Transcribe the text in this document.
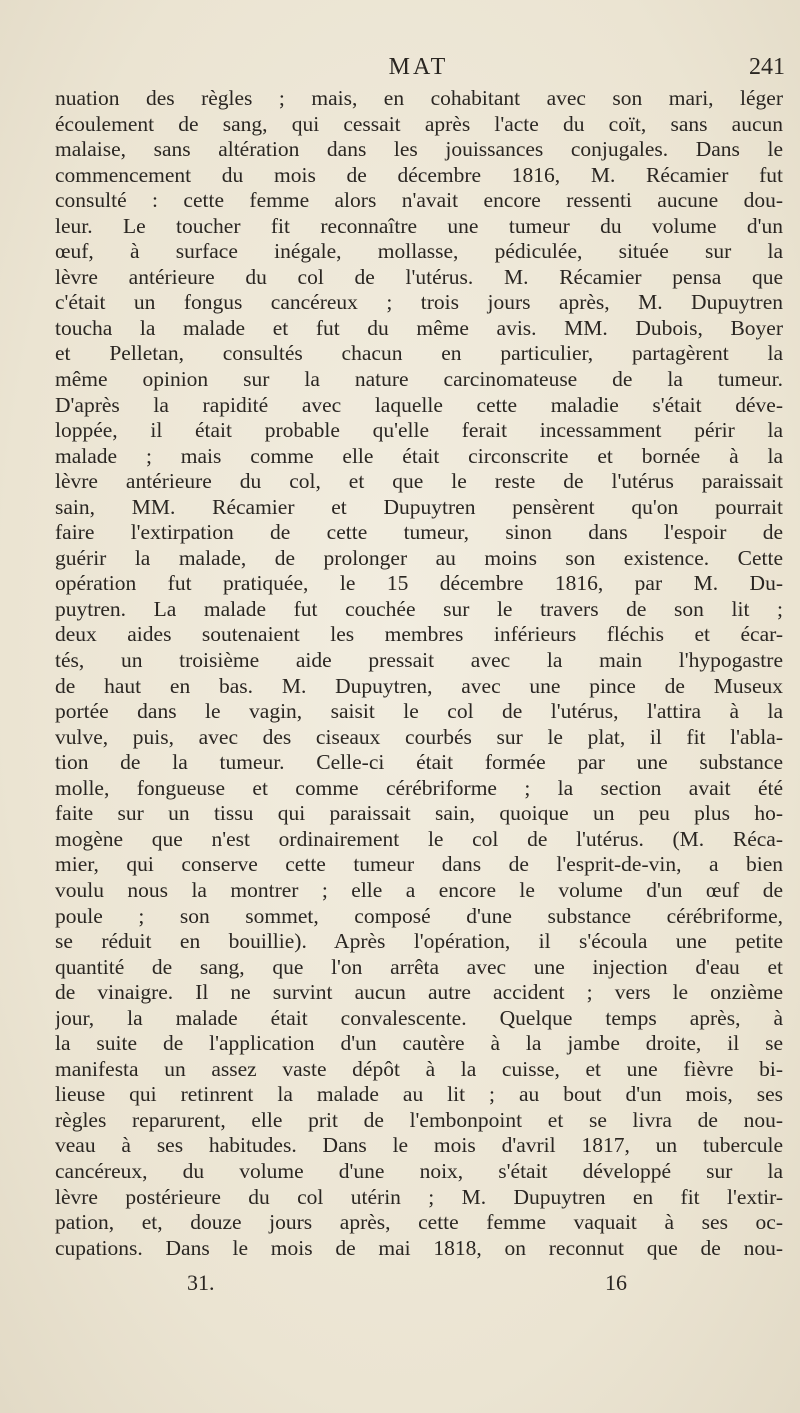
MAT	241
nuation des règles ; mais, en cohabitant avec son mari, léger
écoulement de sang, qui cessait après l'acte du coït, sans aucun
malaise, sans altération dans les jouissances conjugales. Dans le
commencement du mois de décembre 1816, M. Récamier fut
consulté : cette femme alors n'avait encore ressenti aucune dou-
leur. Le toucher fit reconnaître une tumeur du volume d'un
œuf, à surface inégale, mollasse, pédiculée, située sur la
lèvre antérieure du col de l'utérus. M. Récamier pensa que
c'était un fongus cancéreux ; trois jours après, M. Dupuytren
toucha la malade et fut du même avis. MM. Dubois, Boyer
et Pelletan, consultés chacun en particulier, partagèrent la
même opinion sur la nature carcinomateuse de la tumeur.
D'après la rapidité avec laquelle cette maladie s'était déve-
loppée, il était probable qu'elle ferait incessamment périr la
malade ; mais comme elle était circonscrite et bornée à la
lèvre antérieure du col, et que le reste de l'utérus paraissait
sain, MM. Récamier et Dupuytren pensèrent qu'on pourrait
faire l'extirpation de cette tumeur, sinon dans l'espoir de
guérir la malade, de prolonger au moins son existence. Cette
opération fut pratiquée, le 15 décembre 1816, par M. Du-
puytren. La malade fut couchée sur le travers de son lit ;
deux aides soutenaient les membres inférieurs fléchis et écar-
tés, un troisième aide pressait avec la main l'hypogastre
de haut en bas. M. Dupuytren, avec une pince de Museux
portée dans le vagin, saisit le col de l'utérus, l'attira à la
vulve, puis, avec des ciseaux courbés sur le plat, il fit l'abla-
tion de la tumeur. Celle-ci était formée par une substance
molle, fongueuse et comme cérébriforme ; la section avait été
faite sur un tissu qui paraissait sain, quoique un peu plus ho-
mogène que n'est ordinairement le col de l'utérus. (M. Réca-
mier, qui conserve cette tumeur dans de l'esprit-de-vin, a bien
voulu nous la montrer ; elle a encore le volume d'un œuf de
poule ; son sommet, composé d'une substance cérébriforme,
se réduit en bouillie). Après l'opération, il s'écoula une petite
quantité de sang, que l'on arrêta avec une injection d'eau et
de vinaigre. Il ne survint aucun autre accident ; vers le onzième
jour, la malade était convalescente. Quelque temps après, à
la suite de l'application d'un cautère à la jambe droite, il se
manifesta un assez vaste dépôt à la cuisse, et une fièvre bi-
lieuse qui retinrent la malade au lit ; au bout d'un mois, ses
règles reparurent, elle prit de l'embonpoint et se livra de nou-
veau à ses habitudes. Dans le mois d'avril 1817, un tubercule
cancéreux, du volume d'une noix, s'était développé sur la
lèvre postérieure du col utérin ; M. Dupuytren en fit l'extir-
pation, et, douze jours après, cette femme vaquait à ses oc-
cupations. Dans le mois de mai 1818, on reconnut que de nou-
31.	16
